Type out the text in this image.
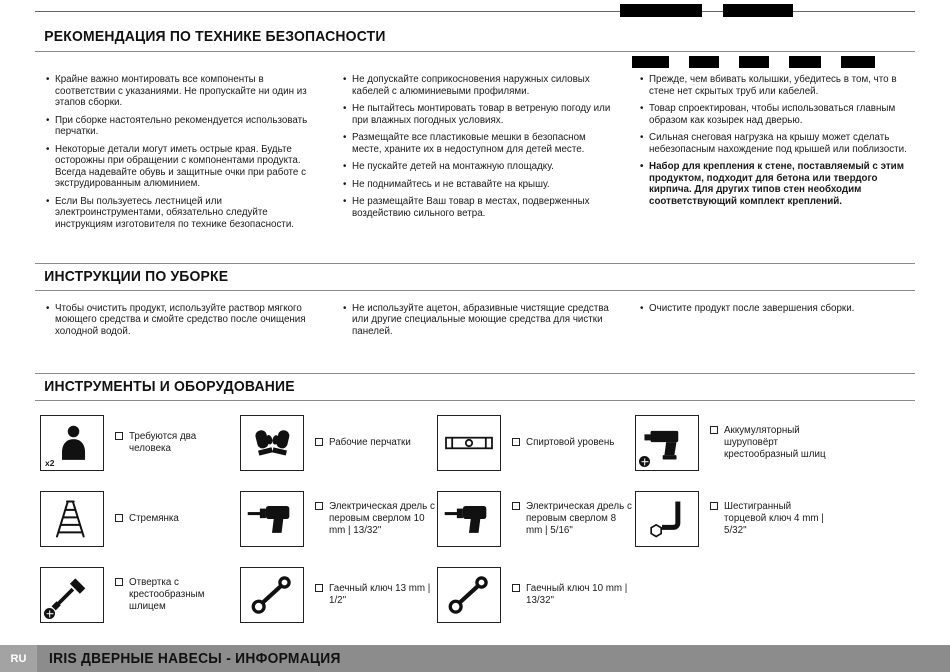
РЕКОМЕНДАЦИЯ ПО ТЕХНИКЕ БЕЗОПАСНОСТИ
• Крайне важно монтировать все компоненты в соответствии с указаниями. Не пропускайте ни один из этапов сборки.
• При сборке настоятельно рекомендуется использовать перчатки.
• Некоторые детали могут иметь острые края. Будьте осторожны при обращении с компонентами продукта. Всегда надевайте обувь и защитные очки при работе с экструдированным алюминием.
• Если Вы пользуетесь лестницей или электроинструментами, обязательно следуйте инструкциям изготовителя по технике безопасности.
• Не допускайте соприкосновения наружных силовых кабелей с алюминиевыми профилями.
• Не пытайтесь монтировать товар в ветреную погоду или при влажных погодных условиях.
• Размещайте все пластиковые мешки в безопасном месте, храните их в недоступном для детей месте.
• Не пускайте детей на монтажную площадку.
• Не поднимайтесь и не вставайте на крышу.
• Не размещайте Ваш товар в местах, подверженных воздействию сильного ветра.
• Прежде, чем вбивать колышки, убедитесь в том, что в стене нет скрытых труб или кабелей.
• Товар спроектирован, чтобы использоваться главным образом как козырек над дверью.
• Сильная снеговая нагрузка на крышу может сделать небезопасным нахождение под крышей или поблизости.
• Набор для крепления к стене, поставляемый с этим продуктом, подходит для бетона или твердого кирпича. Для других типов стен необходим соответствующий комплект креплений.
ИНСТРУКЦИИ ПО УБОРКЕ
• Чтобы очистить продукт, используйте раствор мягкого моющего средства и смойте средство после очищения холодной водой.
• Не используйте ацетон, абразивные чистящие средства или другие специальные моющие средства для чистки панелей.
• Очистите продукт после завершения сборки.
ИНСТРУМЕНТЫ И ОБОРУДОВАНИЕ
x2
Требуются два человека
Рабочие перчатки	Спиртовой уровень
Аккумуляторный шуруповёрт крестообразный шлиц
Стремянка
Электрическая дрель с перовым сверлом 10 mm | 13/32"
Электрическая дрель с перовым сверлом 8 mm | 5/16"
Шестигранный торцевой ключ 4 mm | 5/32"
Отвертка с крестообразным шлицем
Гаечный ключ 13 mm | 1/2"
Гаечный ключ 10 mm | 13/32"
RU	IRIS ДВЕРНЫЕ НАВЕСЫ - ИНФОРМАЦИЯ
